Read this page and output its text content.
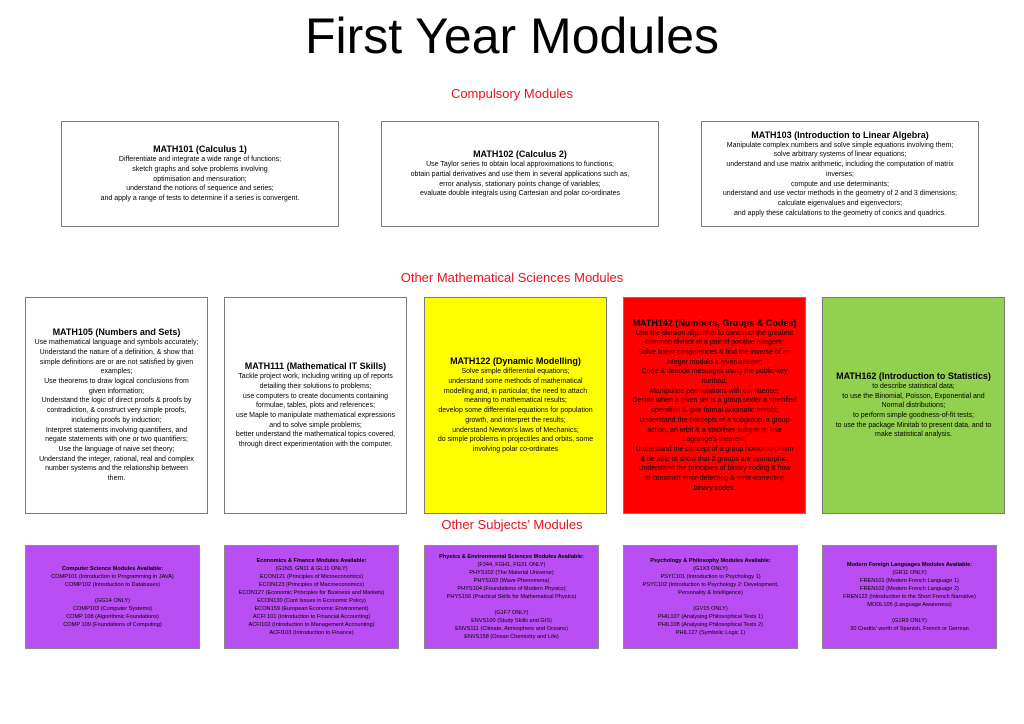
First Year Modules
Compulsory Modules
Other Mathematical Sciences Modules
Other Subjects’ Modules
MATH101 (Calculus 1)
Differentiate and integrate a wide range of functions;
sketch graphs and solve problems involving
optimisation and mensuration;
understand the notions of sequence and series;
and apply a range of tests to determine if a series is convergent.
MATH102 (Calculus 2)
Use Taylor series to obtain local approximations to functions;
obtain partial derivatives and use them in several applications such as,
error analysis, stationary points change of variables;
evaluate double integrals using Cartesian and polar co-ordinates
MATH103 (Introduction to Linear Algebra)
Manipulate complex numbers and solve simple equations involving them;
solve arbitrary systems of linear equations;
understand and use matrix arithmetic, including the computation of matrix
inverses;
compute and use determinants;
understand and use vector methods in the geometry of 2 and 3 dimensions;
calculate eigenvalues and eigenvectors;
and apply these calculations to the geometry of conics and quadrics.
MATH105 (Numbers and Sets)
Use mathematical language and symbols accurately;
Understand the nature of a definition, & show that
simple definitions are or are not satisfied by given
examples;
Use theorems to draw logical conclusions from
given information;
Understand the logic of direct proofs & proofs by
contradiction, & construct very simple proofs,
including proofs by induction;
Interpret statements involving quantifiers, and
negate statements with one or two quantifiers;
Use the language of naive set theory;
Understand the integer, rational, real and complex
number systems and the relationship between
them.
MATH111 (Mathematical IT Skills)
Tackle project work, including writing up of reports
detailing their solutions to problems;
use computers to create documents containing
formulae, tables, plots and references;
use Maple to manipulate mathematical expressions
and to solve simple problems;
better understand the mathematical topics covered,
through direct experimentation with the computer.
MATH122 (Dynamic Modelling)
Solve simple differential equations;
understand some methods of mathematical
modelling and, in particular, the need to attach
meaning to mathematical results;
develop some differential equations for population
growth, and interpret the results;
understand Newton's laws of Mechanics;
do simple problems in projectiles and orbits, some
involving polar co-ordinates
MATH142 (Numbers, Groups & Codes)
Use the division algorithm to construct the greatest
common divisor of a pair of positive integers;
Solve linear congruences & find the inverse of an
integer modulo a given integer;
Code & decode messages using the public-key
method;
Manipulate permutations with confidence;
Decide when a given set is a group under a specified
operation & give formal axiomatic proofs;
Understand the concepts of a subgroup, a group
action, an orbit & a stabiliser subgroup; use
Lagrange's theorem;
Understand the concept of a group homomorphism
& be able to show that 2 groups are isomorphic;
Understand the principles of binary coding & how
to construct error-detecting & error-correcting
binary codes.
MATH162 (Introduction to Statistics)
to describe statistical data;
to use the Binomial, Poisson, Exponential and
Normal distributions;
to perform simple goodness-of-fit tests;
to use the package Minitab to present data, and to
make statistical analysis.
Computer Science Modules Available:
COMP101 (Introduction to Programming in JAVA)
COMP102 (Introduction to Databases)
(GG14 ONLY)
COMP103 (Computer Systems)
COMP 108 (Algorithmic Foundations)
COMP 109 (Foundations of Computing)
Economics & Finance Modules Available:
(G1N3, GN11 & GL11 ONLY)
ECON121 (Principles of Microeconomics)
ECON123 (Principles of Macroeconomics)
ECON127 (Economic Principles for Business and Markets)
ECON130 (Cont Issues in Economic Policy)
ECON159 (European Economic Environment)
ACFI 101 (Introduction to Financial Accounting)
ACFI102 (Introduction to Management Accounting)
ACFI103 (Introduction to Finance)
Physics & Environmental Sciences Modules Available:
(F344, FGH1, FG31 ONLY)
PHYS102 (The Material Universe)
PHYS103 (Wave Phenomena)
PHYS104 (Foundations of Modern Physics)
PHYS156 (Practical Skills for Mathematical Physics)
(G1F7 ONLY)
ENVS100 (Study Skills and GIS)
ENVS111 (Climate, Atmosphere and Oceans)
ENVS158 (Ocean Chemistry and Life)
Psychology & Philosophy Modules Available:
(G1X3 ONLY)
PSYC101 (Introduction to Psychology 1)
PSYC102 (Introduction to Psychology 2: Development,
Personality & Intelligence)
(GV15 ONLY)
PHIL107 (Analysing Philosophical Texts 1)
PHIL108 (Analysing Philosophical Texts 2)
PHIL127 (Symbolic Logic 1)
Modern Foreign Languages Modules Available:
(GR11 ONLY)
FREN101 (Modern French Language 1)
FREN102 (Modern French Language 2)
FREN122 (Introduction to the Short French Narrative)
MODL105 (Language Awareness)
(G1R9 ONLY)
30 Credits' worth of Spanish, French or German
